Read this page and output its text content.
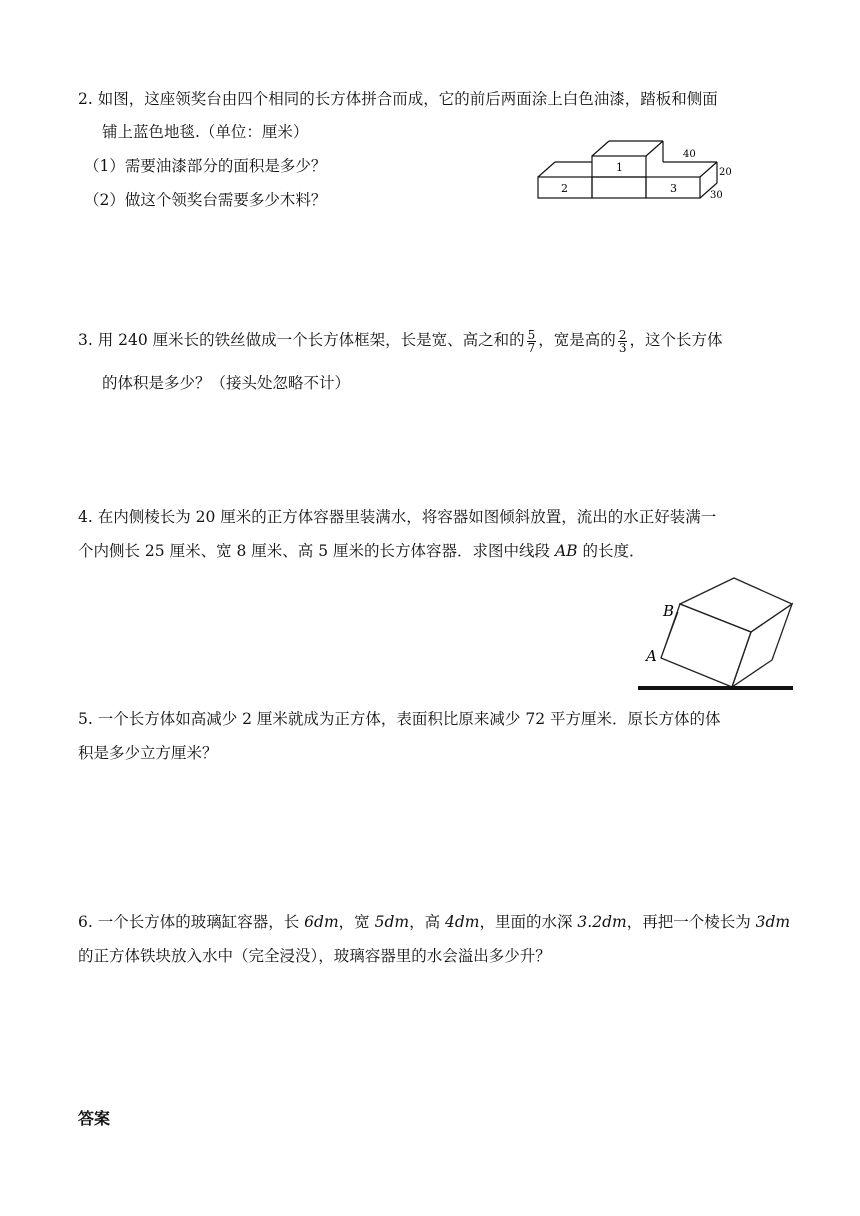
2. 如图，这座领奖台由四个相同的长方体拼合而成，它的前后两面涂上白色油漆，踏板和侧面
铺上蓝色地毯.（单位：厘米）
（1）需要油漆部分的面积是多少？
（2）做这个领奖台需要多少木料？
1
2	3
40
20
30
3. 用 240 厘米长的铁丝做成一个长方体框架，长是宽、高之和的 $\frac{5}{7}$ ，宽是高的 $\frac{2}{3}$ ，这个长方体
的体积是多少？（接头处忽略不计）
4. 在内侧棱长为 20 厘米的正方体容器里装满水，将容器如图倾斜放置，流出的水正好装满一
个内侧长 25 厘米、宽 8 厘米、高 5 厘米的长方体容器．求图中线段 AB 的长度．
B
A
5. 一个长方体如高减少 2 厘米就成为正方体，表面积比原来减少 72 平方厘米．原长方体的体
积是多少立方厘米？
6. 一个长方体的玻璃缸容器，长 6dm，宽 5dm，高 4dm，里面的水深 3.2dm，再把一个棱长为 3dm
的正方体铁块放入水中（完全浸没），玻璃容器里的水会溢出多少升？
答案
